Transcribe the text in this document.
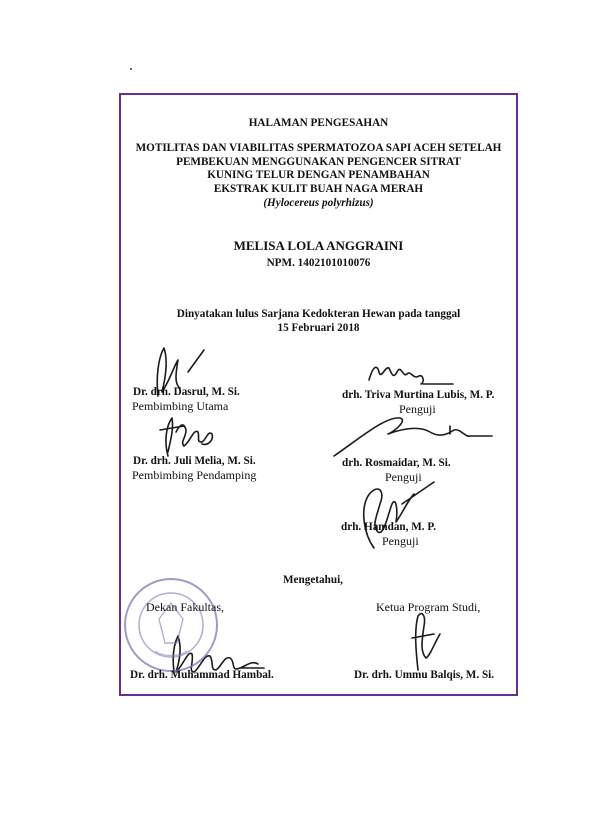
HALAMAN PENGESAHAN
MOTILITAS DAN VIABILITAS SPERMATOZOA SAPI ACEH SETELAH
PEMBEKUAN MENGGUNAKAN PENGENCER SITRAT
KUNING TELUR DENGAN PENAMBAHAN
EKSTRAK KULIT BUAH NAGA MERAH
(Hylocereus polyrhizus)
MELISA LOLA ANGGRAINI
NPM. 1402101010076
Dinyatakan lulus Sarjana Kedokteran Hewan pada tanggal
15 Februari 2018
Dr. drh. Dasrul, M. Si.
Pembimbing Utama
drh. Triva Murtina Lubis, M. P.
Penguji
Dr. drh. Juli Melia, M. Si.
Pembimbing Pendamping
drh. Rosmaidar, M. Si.
Penguji
drh. Hamdan, M. P.
Penguji
Mengetahui,
Dekan Fakultas,	Ketua Program Studi,
Dr. drh. Muhammad Hambal.	Dr. drh. Ummu Balqis, M. Si.
